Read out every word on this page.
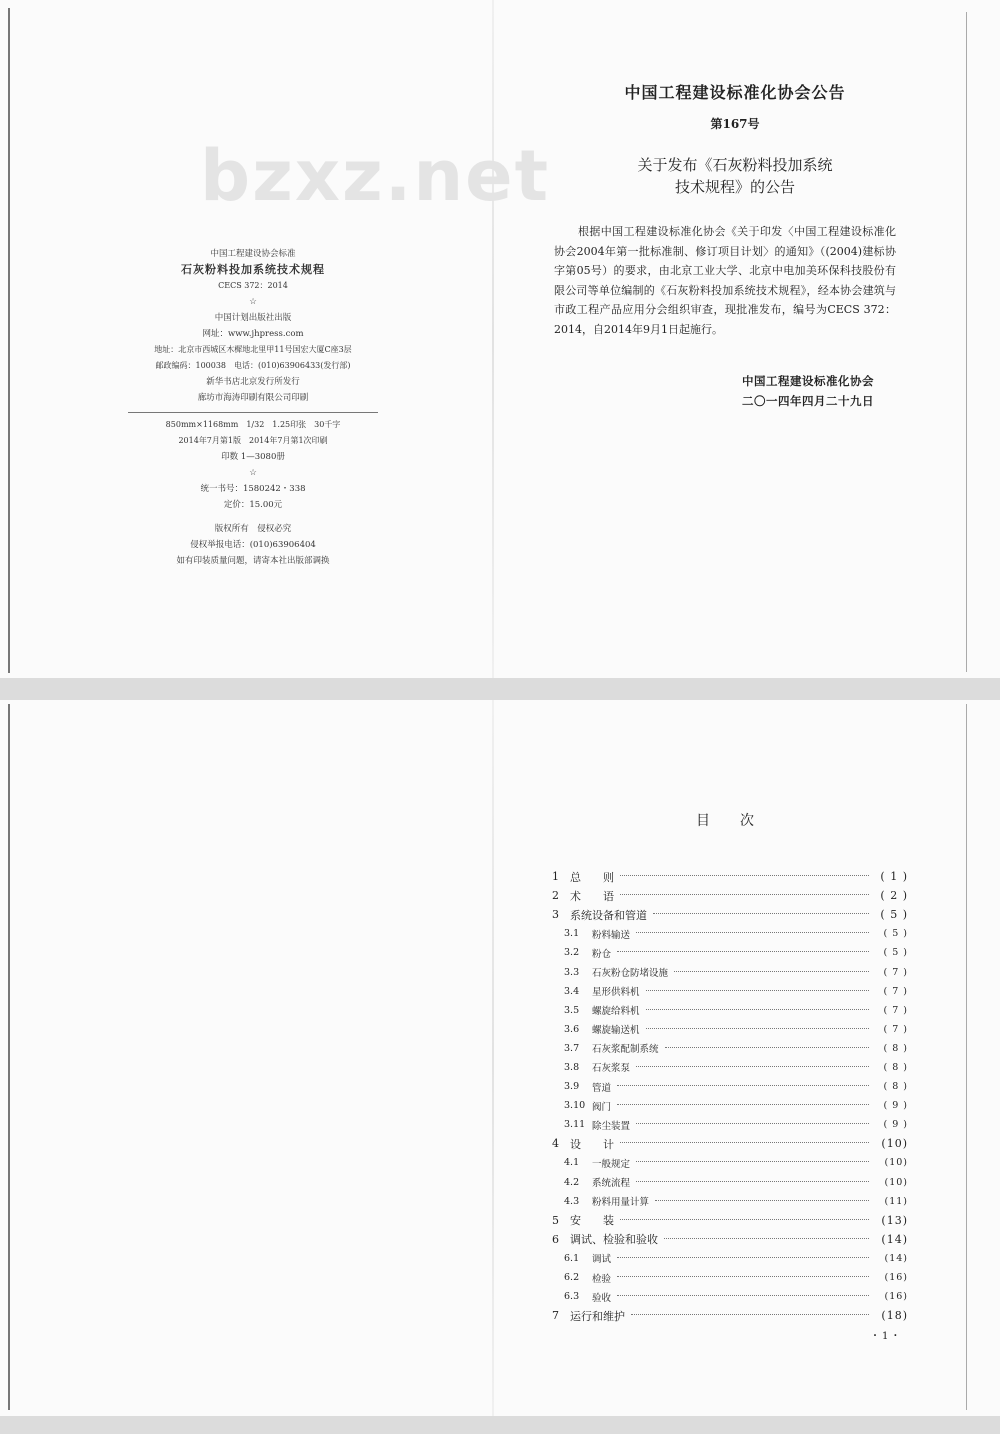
bzxz.net
中国工程建设协会标准
石灰粉料投加系统技术规程
CECS 372：2014
☆
中国计划出版社出版
网址：www.jhpress.com
地址：北京市西城区木樨地北里甲11号国宏大厦C座3层
邮政编码：100038　电话：(010)63906433(发行部)
新华书店北京发行所发行
廊坊市海涛印刷有限公司印刷
850mm×1168mm　1/32　1.25印张　30千字
2014年7月第1版　2014年7月第1次印刷
印数 1—3080册
☆
统一书号：1580242・338
定价：15.00元
版权所有　侵权必究
侵权举报电话：(010)63906404
如有印装质量问题，请寄本社出版部调换
中国工程建设标准化协会公告
第167号
关于发布《石灰粉料投加系统
技术规程》的公告
根据中国工程建设标准化协会《关于印发〈中国工程建设标准化协会2004年第一批标准制、修订项目计划〉的通知》（(2004)建标协字第05号）的要求，由北京工业大学、北京中电加美环保科技股份有限公司等单位编制的《石灰粉料投加系统技术规程》，经本协会建筑与市政工程产品应用分会组织审查，现批准发布，编号为CECS 372：2014，自2014年9月1日起施行。
中国工程建设标准化协会
二〇一四年四月二十九日
目次
1	总　　则	( 1 )
2	术　　语	( 2 )
3	系统设备和管道	( 5 )
3.1	粉料输送	( 5 )
3.2	粉仓	( 5 )
3.3	石灰粉仓防堵设施	( 7 )
3.4	星形供料机	( 7 )
3.5	螺旋给料机	( 7 )
3.6	螺旋输送机	( 7 )
3.7	石灰浆配制系统	( 8 )
3.8	石灰浆泵	( 8 )
3.9	管道	( 8 )
3.10 阀门	( 9 )
3.11 除尘装置	( 9 )
4	设　　计	(10)
4.1	一般规定	(10)
4.2	系统流程	(10)
4.3	粉料用量计算	(11)
5	安　　装	(13)
6	调试、检验和验收	(14)
6.1	调试	(14)
6.2	检验	(16)
6.3	验收	(16)
7	运行和维护	(18)
・1・
